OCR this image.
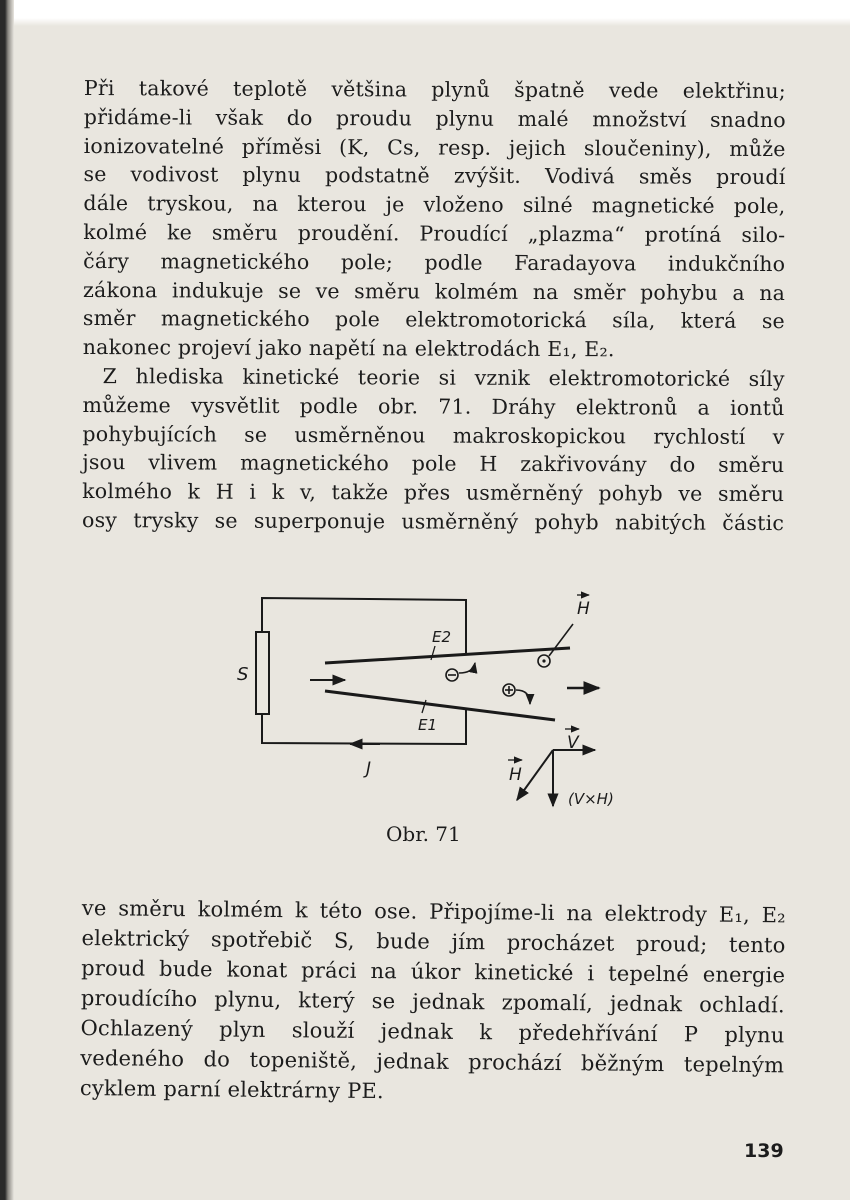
Při takové teplotě většina plynů špatně vede elektřinu;
přidáme-li však do proudu plynu malé množství snadno
ionizovatelné příměsi (K, Cs, resp. jejich sloučeniny), může
se vodivost plynu podstatně zvýšit. Vodivá směs proudí
dále tryskou, na kterou je vloženo silné magnetické pole,
kolmé ke směru proudění. Proudící „plazma“ protíná silo-
čáry magnetického pole; podle Faradayova indukčního
zákona indukuje se ve směru kolmém na směr pohybu a na
směr magnetického pole elektromotorická síla, která se
nakonec projeví jako napětí na elektrodách E₁, E₂.
Z hlediska kinetické teorie si vznik elektromotorické síly
můžeme vysvětlit podle obr. 71. Dráhy elektronů a iontů
pohybujících se usměrněnou makroskopickou rychlostí v
jsou vlivem magnetického pole H zakřivovány do směru
kolmého k H i k v, takže přes usměrněný pohyb ve směru
osy trysky se superponuje usměrněný pohyb nabitých částic

S
E2
E1
J
H
V
H
(V×H)
Obr. 71

ve směru kolmém k této ose. Připojíme-li na elektrody E₁, E₂
elektrický spotřebič S, bude jím procházet proud; tento
proud bude konat práci na úkor kinetické i tepelné energie
proudícího plynu, který se jednak zpomalí, jednak ochladí.
Ochlazený plyn slouží jednak k předehřívání P plynu
vedeného do topeniště, jednak prochází běžným tepelným
cyklem parní elektrárny PE.

139
